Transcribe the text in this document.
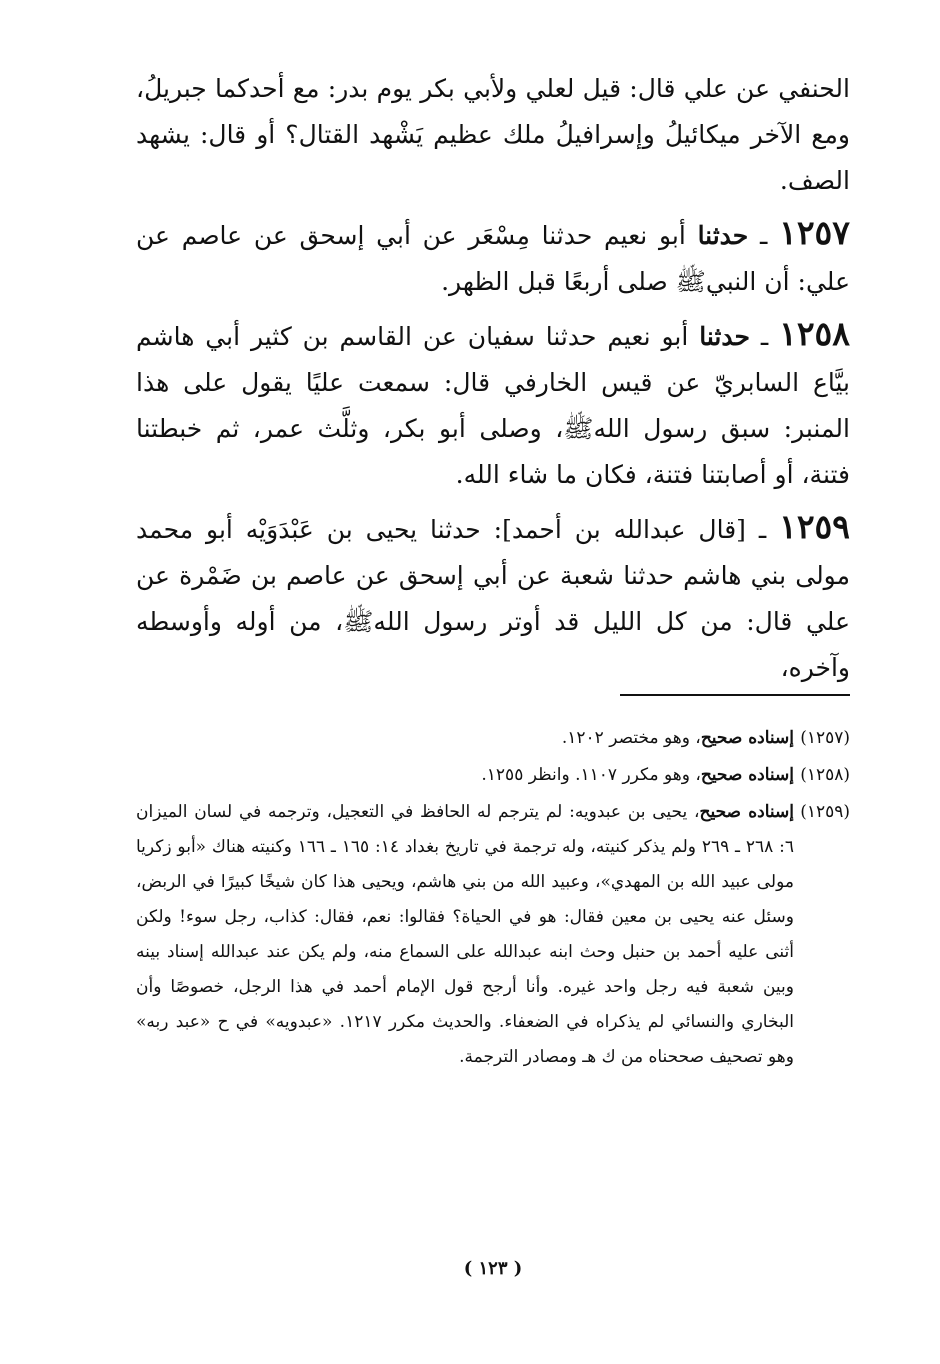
الحنفي عن علي قال: قيل لعلي ولأبي بكر يوم بدر: مع أحدكما جبريلُ، ومع الآخر ميكائيلُ وإسرافيلُ ملك عظيم يَشْهد القتال؟ أو قال: يشهد الصف.

١٢٥٧ ـ حدثنا أبو نعيم حدثنا مِسْعَر عن أبي إسحق عن عاصم عن علي: أن النبيﷺ صلى أربعًا قبل الظهر.

١٢٥٨ ـ حدثنا أبو نعيم حدثنا سفيان عن القاسم بن كثير أبي هاشم بيَّاع السابريّ عن قيس الخارفي قال: سمعت عليًا يقول على هذا المنبر: سبق رسول اللهﷺ، وصلى أبو بكر، وثلَّث عمر، ثم خبطتنا فتنة، أو أصابتنا فتنة، فكان ما شاء الله.

١٢٥٩ ـ [قال عبدالله بن أحمد]: حدثنا يحيى بن عَبْدَوَيْه أبو محمد مولى بني هاشم حدثنا شعبة عن أبي إسحق عن عاصم بن ضَمْرة عن علي قال: من كل الليل قد أوتر رسول اللهﷺ، من أوله وأوسطه وآخره،

(١٢٥٧)
إسناده صحيح، وهو مختصر ١٢٠٢.
(١٢٥٨)
إسناده صحيح، وهو مكرر ١١٠٧. وانظر ١٢٥٥.
(١٢٥٩)
إسناده صحيح، يحيى بن عبدويه: لم يترجم له الحافظ في التعجيل، وترجمه في لسان الميزان ٦: ٢٦٨ ـ ٢٦٩ ولم يذكر كنيته، وله ترجمة في تاريخ بغداد ١٤: ١٦٥ ـ ١٦٦ وكنيته هناك «أبو زكريا مولى عبيد الله بن المهدي»، وعبيد الله من بني هاشم، ويحيى هذا كان شيخًا كبيرًا في الربض، وسئل عنه يحيى بن معين فقال: هو في الحياة؟ فقالوا: نعم، فقال: كذاب، رجل سوء! ولكن أثنى عليه أحمد بن حنبل وحث ابنه عبدالله على السماع منه، ولم يكن عند عبدالله إسناد بينه وبين شعبة فيه رجل واحد غيره. وأنا أرجح قول الإمام أحمد في هذا الرجل، خصوصًا وأن البخاري والنسائي لم يذكراه في الضعفاء. والحديث مكرر ١٢١٧. «عبدويه» في ح «عبد ربه» وهو تصحيف صححناه من ك هـ ومصادر الترجمة.
( ١٢٣ )
